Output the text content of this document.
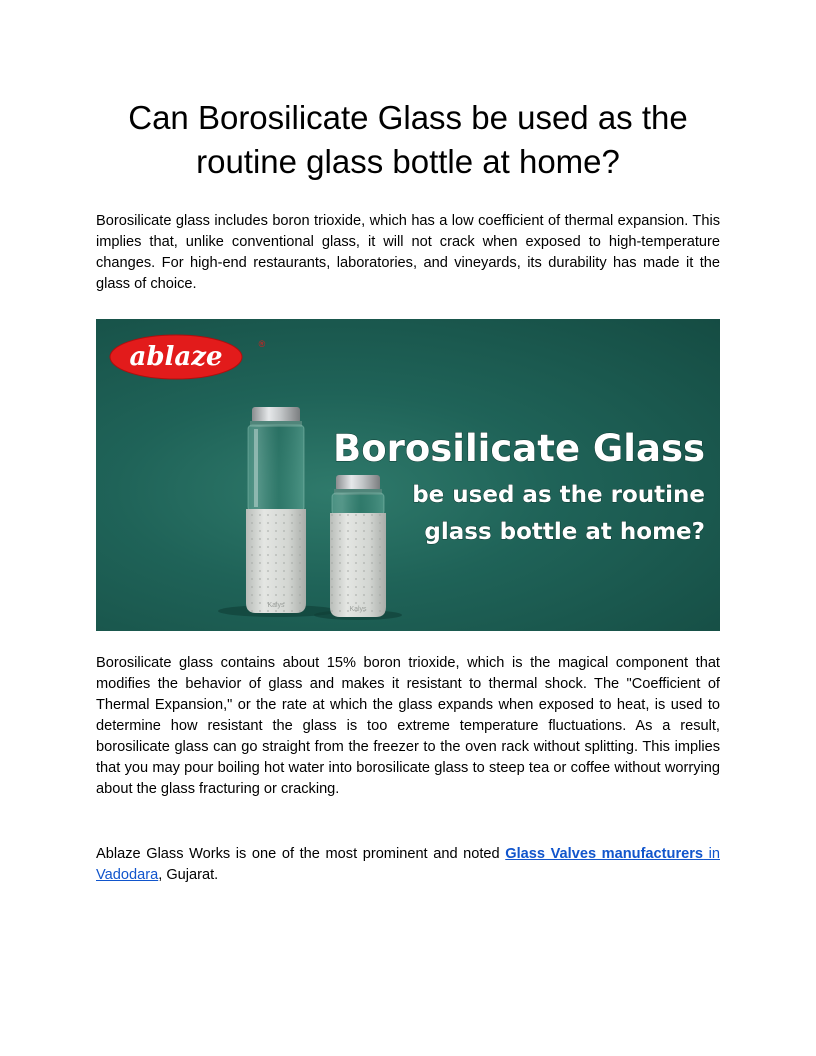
Can Borosilicate Glass be used as the routine glass bottle at home?

Borosilicate glass includes boron trioxide, which has a low coefficient of thermal expansion. This implies that, unlike conventional glass, it will not crack when exposed to high-temperature changes. For high-end restaurants, laboratories, and vineyards, its durability has made it the glass of choice.

ablaze	®
Kalys
Kalys
Borosilicate Glass
be used as the routine
glass bottle at home?

Borosilicate glass contains about 15% boron trioxide, which is the magical component that modifies the behavior of glass and makes it resistant to thermal shock. The "Coefficient of Thermal Expansion," or the rate at which the glass expands when exposed to heat, is used to determine how resistant the glass is too extreme temperature fluctuations. As a result, borosilicate glass can go straight from the freezer to the oven rack without splitting. This implies that you may pour boiling hot water into borosilicate glass to steep tea or coffee without worrying about the glass fracturing or cracking.

Ablaze Glass Works is one of the most prominent and noted Glass Valves manufacturers in Vadodara, Gujarat.
